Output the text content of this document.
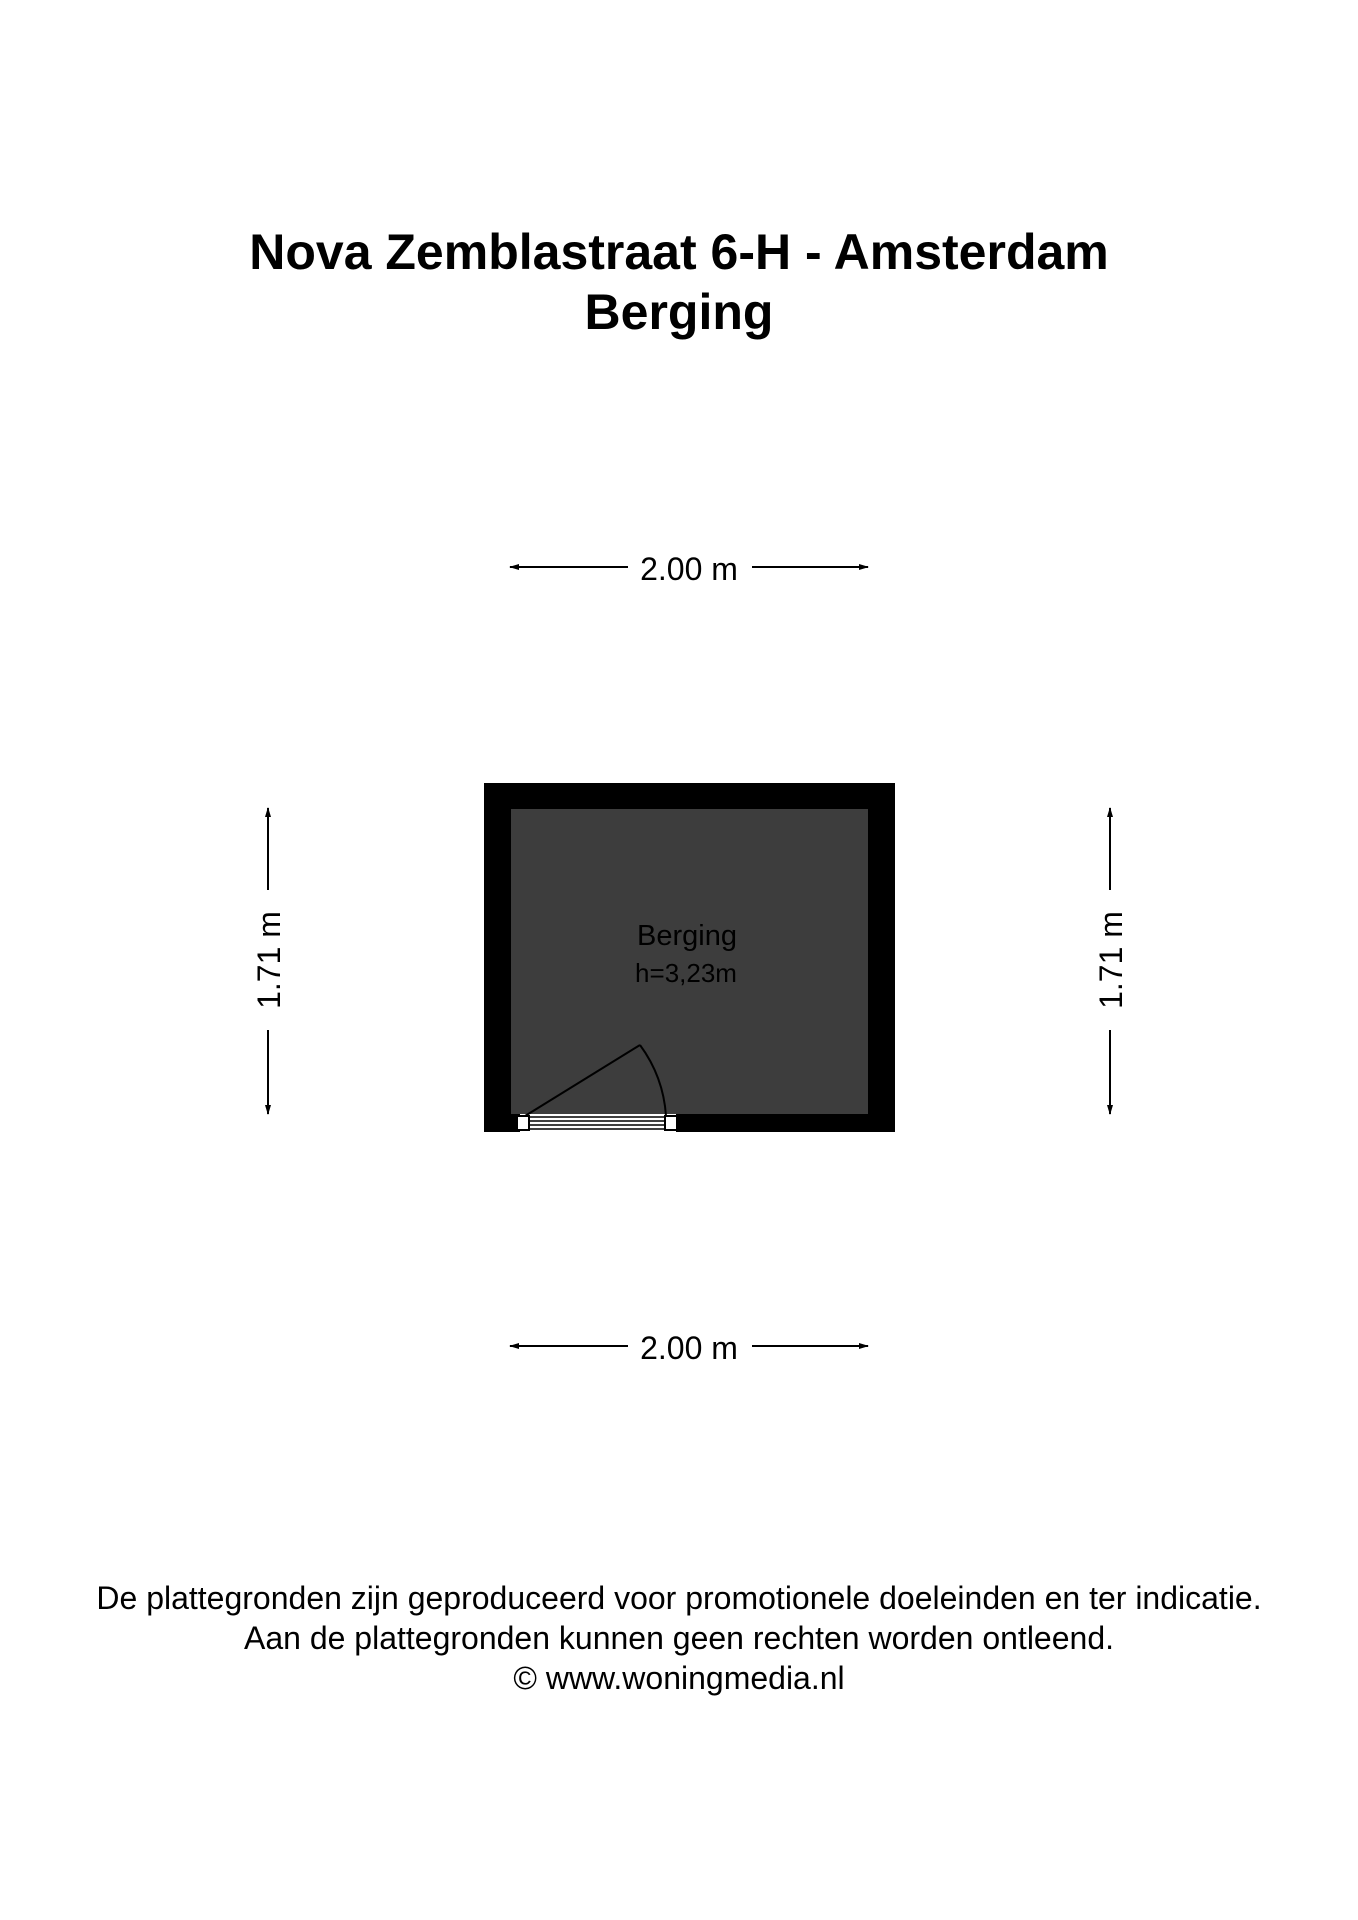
Nova Zemblastraat 6-H - Amsterdam
Berging
2.00 m
2.00 m
1.71 m	1.71 m
Berging
h=3,23m
De plattegronden zijn geproduceerd voor promotionele doeleinden en ter indicatie.
Aan de plattegronden kunnen geen rechten worden ontleend.
© www.woningmedia.nl
